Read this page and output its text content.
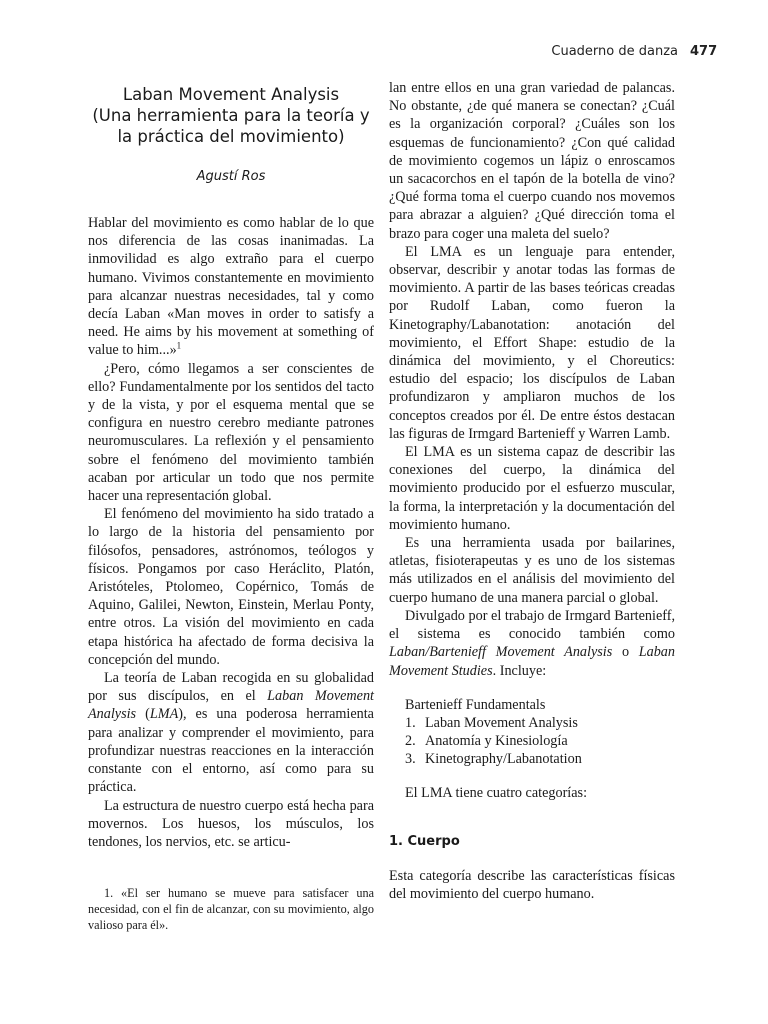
Cuaderno de danza 477
Laban Movement Analysis
(Una herramienta para la teoría y
la práctica del movimiento)
Agustí Ros

Hablar del movimiento es como hablar de lo que nos diferencia de las cosas inanimadas. La inmovilidad es algo extraño para el cuerpo humano. Vivimos constantemente en movimiento para alcanzar nuestras necesidades, tal y como decía Laban «Man moves in order to satisfy a need. He aims by his movement at something of value to him...»$^1$

¿Pero, cómo llegamos a ser conscientes de ello? Fundamentalmente por los sentidos del tacto y de la vista, y por el esquema mental que se configura en nuestro cerebro mediante patrones neuromusculares. La reflexión y el pensamiento sobre el fenómeno del movimiento también acaban por articular un todo que nos permite hacer una representación global.

El fenómeno del movimiento ha sido tratado a lo largo de la historia del pensamiento por filósofos, pensadores, astrónomos, teólogos y físicos. Pongamos por caso Heráclito, Platón, Aristóteles, Ptolomeo, Copérnico, Tomás de Aquino, Galilei, Newton, Einstein, Merlau Ponty, entre otros. La visión del movimiento en cada etapa histórica ha afectado de forma decisiva la concepción del mundo.

La teoría de Laban recogida en su globalidad por sus discípulos, en el Laban Movement Analysis (LMA), es una poderosa herramienta para analizar y comprender el movimiento, para profundizar nuestras reacciones en la interacción constante con el entorno, así como para su práctica.

La estructura de nuestro cuerpo está hecha para movernos. Los huesos, los músculos, los tendones, los nervios, etc. se articu-

1. «El ser humano se mueve para satisfacer una necesidad, con el fin de alcanzar, con su movimiento, algo valioso para él».

lan entre ellos en una gran variedad de palancas. No obstante, ¿de qué manera se conectan? ¿Cuál es la organización corporal? ¿Cuáles son los esquemas de funcionamiento? ¿Con qué calidad de movimiento cogemos un lápiz o enroscamos un sacacorchos en el tapón de la botella de vino? ¿Qué forma toma el cuerpo cuando nos movemos para abrazar a alguien? ¿Qué dirección toma el brazo para coger una maleta del suelo?

El LMA es un lenguaje para entender, observar, describir y anotar todas las formas de movimiento. A partir de las bases teóricas creadas por Rudolf Laban, como fueron la Kinetography/Labanotation: anotación del movimiento, el Effort Shape: estudio de la dinámica del movimiento, y el Choreutics: estudio del espacio; los discípulos de Laban profundizaron y ampliaron muchos de los conceptos creados por él. De entre éstos destacan las figuras de Irmgard Bartenieff y Warren Lamb.

El LMA es un sistema capaz de describir las conexiones del cuerpo, la dinámica del movimiento producido por el esfuerzo muscular, la forma, la interpretación y la documentación del movimiento humano.

Es una herramienta usada por bailarines, atletas, fisioterapeutas y es uno de los sistemas más utilizados en el análisis del movimiento del cuerpo humano de una manera parcial o global.

Divulgado por el trabajo de Irmgard Bartenieff, el sistema es conocido también como Laban/Bartenieff Movement Analysis o Laban Movement Studies. Incluye:

Bartenieff Fundamentals
1. Laban Movement Analysis
2. Anatomía y Kinesiología
3. Kinetography/Labanotation
El LMA tiene cuatro categorías:
1. Cuerpo

Esta categoría describe las características físicas del movimiento del cuerpo humano.
